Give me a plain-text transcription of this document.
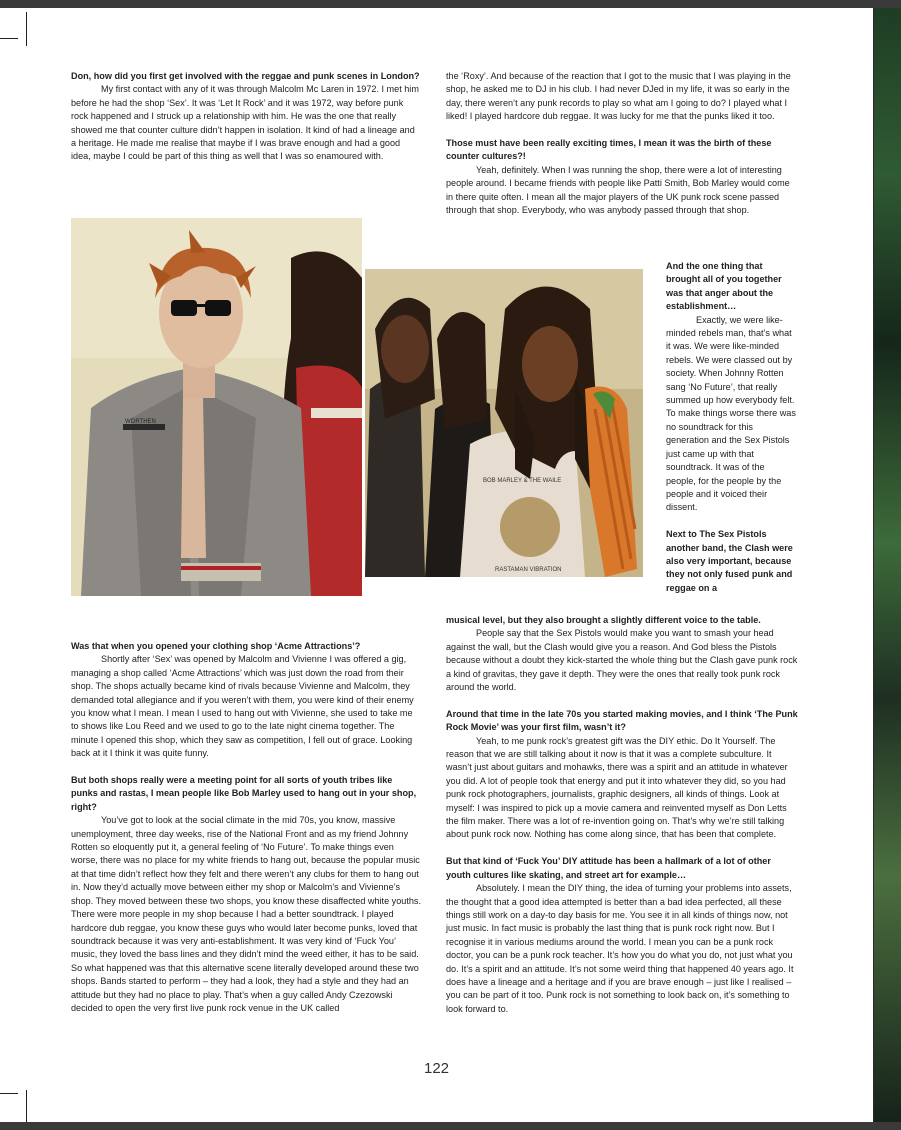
Don, how did you first get involved with the reggae and punk scenes in London?

My first contact with any of it was through Malcolm Mc Laren in 1972. I met him before he had the shop ‘Sex’. It was ‘Let It Rock’ and it was 1972, way before punk rock happened and I struck up a relationship with him. He was the one that really showed me that counter culture didn’t happen in isolation. It kind of had a lineage and a heritage. He made me realise that maybe if I was brave enough and had a good idea, maybe I could be part of this thing as well that I was so enamoured with.

WORTHEN
BOB MARLEY & THE WAILE
RASTAMAN VIBRATION

the ‘Roxy’. And because of the reaction that I got to the music that I was playing in the shop, he asked me to DJ in his club. I had never DJed in my life, it was so early in the day, there weren’t any punk records to play so what am I going to do? I played what I liked! I played hardcore dub reggae. It was lucky for me that the punks liked it too.

Those must have been really exciting times, I mean it was the birth of these counter cultures?!

Yeah, definitely. When I was running the shop, there were a lot of interesting people around. I became friends with people like Patti Smith, Bob Marley would come in there quite often. I mean all the major players of the UK punk rock scene passed through that shop. Everybody, who was anybody passed through that shop.

And the one thing that brought all of you together was that anger about the establishment…

Exactly, we were like-minded rebels man, that’s what it was. We were like-minded rebels. We were classed out by society. When Johnny Rotten sang ‘No Future’, that really summed up how everybody felt. To make things worse there was no soundtrack for this generation and the Sex Pistols just came up with that soundtrack. It was of the people, for the people by the people and it voiced their dissent.

Next to The Sex Pistols another band, the Clash were also very important, because they not only fused punk and reggae on a

musical level, but they also brought a slightly different voice to the table.

People say that the Sex Pistols would make you want to smash your head against the wall, but the Clash would give you a reason. And God bless the Pistols because without a doubt they kick-started the whole thing but the Clash gave punk rock a kind of gravitas, they gave it depth. They were the ones that really took punk rock around the world.

Around that time in the late 70s you started making movies, and I think ‘The Punk Rock Movie’ was your first film, wasn’t it?

Yeah, to me punk rock’s greatest gift was the DIY ethic. Do It Yourself. The reason that we are still talking about it now is that it was a complete subculture. It wasn’t just about guitars and mohawks, there was a spirit and an attitude in whatever you did. A lot of people took that energy and put it into whatever they did, so you had punk rock photographers, journalists, graphic designers, all kinds of things. Look at myself: I was inspired to pick up a movie camera and reinvented myself as Don Letts the film maker. There was a lot of re-invention going on. That’s why we’re still talking about punk rock now. Nothing has come along since, that has been that complete.

But that kind of ‘Fuck You’ DIY attitude has been a hallmark of a lot of other youth cultures like skating, and street art for example…

Absolutely. I mean the DIY thing, the idea of turning your problems into assets, the thought that a good idea attempted is better than a bad idea perfected, all these things still work on a day-to day basis for me. You see it in all kinds of things now, not just music. In fact music is probably the last thing that is punk rock right now. But I recognise it in various mediums around the world. I mean you can be a punk rock doctor, you can be a punk rock teacher. It’s how you do what you do, not just what you do. It’s a spirit and an attitude. It’s not some weird thing that happened 40 years ago. It does have a lineage and a heritage and if you are brave enough – just like I realised – you can be part of it too. Punk rock is not something to look back on, it’s something to look forward to.

Was that when you opened your clothing shop ‘Acme Attractions’?

Shortly after ‘Sex’ was opened by Malcolm and Vivienne I was offered a gig, managing a shop called ‘Acme Attractions’ which was just down the road from their shop. The shops actually became kind of rivals because Vivienne and Malcolm, they demanded total allegiance and if you weren’t with them, you were kind of their enemy you know what I mean. I mean I used to hang out with Vivienne, she used to take me to shows like Lou Reed and we used to go to the late night cinema together. The minute I opened this shop, which they saw as competition, I fell out of grace. Looking back at it I think it was quite funny.

But both shops really were a meeting point for all sorts of youth tribes like punks and rastas, I mean people like Bob Marley used to hang out in your shop, right?

You’ve got to look at the social climate in the mid 70s, you know, massive unemployment, three day weeks, rise of the National Front and as my friend Johnny Rotten so eloquently put it, a general feeling of ‘No Future’. To make things even worse, there was no place for my white friends to hang out, because the popular music at that time didn’t reflect how they felt and there weren’t any clubs for them to hang out in. Now they’d actually move between either my shop or Malcolm’s and Vivienne’s shop. They moved between these two shops, you know these disaffected white youths. There were more people in my shop because I had a better soundtrack. I played hardcore dub reggae, you know these guys who would later become punks, loved that soundtrack because it was very anti-establishment. It was very kind of ‘Fuck You’ music, they loved the bass lines and they didn’t mind the weed either, it has to be said. So what happened was that this alternative scene literally developed around these two shops. Bands started to perform – they had a look, they had a style and they had an attitude but they had no place to play. That’s when a guy called Andy Czezowski decided to open the very first live punk rock venue in the UK called

122
